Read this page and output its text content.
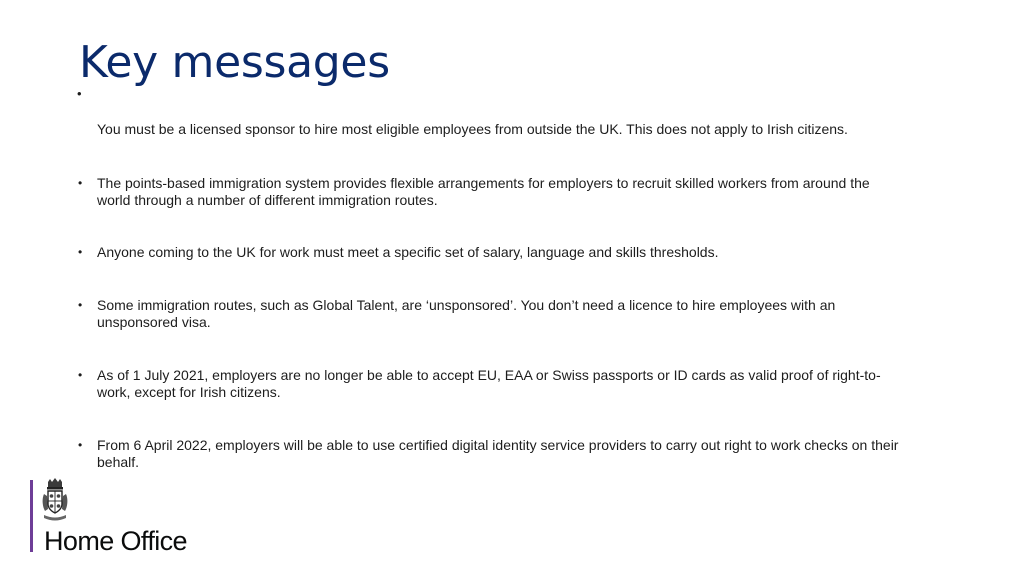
Key messages
•
You must be a licensed sponsor to hire most eligible employees from outside the UK. This does not apply to Irish citizens.
• The points-based immigration system provides flexible arrangements for employers to recruit skilled workers from around the world through a number of different immigration routes.
• Anyone coming to the UK for work must meet a specific set of salary, language and skills thresholds.
• Some immigration routes, such as Global Talent, are ‘unsponsored’. You don’t need a licence to hire employees with an unsponsored visa.
• As of 1 July 2021, employers are no longer be able to accept EU, EAA or Swiss passports or ID cards as valid proof of right-to-work, except for Irish citizens.
• From 6 April 2022, employers will be able to use certified digital identity service providers to carry out right to work checks on their behalf.
Home Office
